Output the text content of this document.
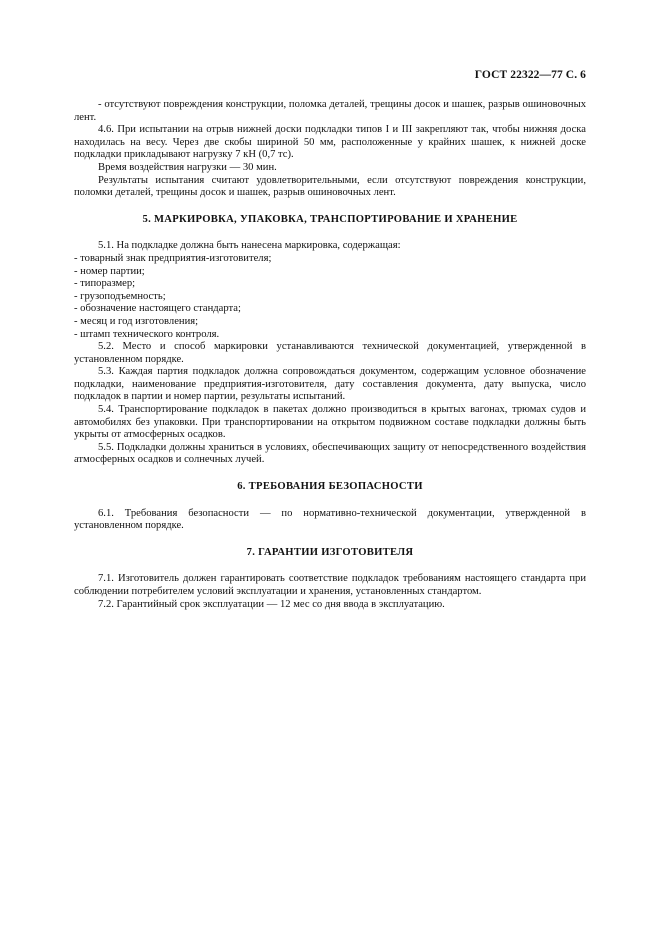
ГОСТ 22322—77 С. 6

- отсутствуют повреждения конструкции, поломка деталей, трещины досок и шашек, разрыв ошиновочных лент.

4.6. При испытании на отрыв нижней доски подкладки типов I и III закрепляют так, чтобы нижняя доска находилась на весу. Через две скобы шириной 50 мм, расположенные у крайних шашек, к нижней доске подкладки прикладывают нагрузку 7 кН (0,7 тс).

Время воздействия нагрузки — 30 мин.

Результаты испытания считают удовлетворительными, если отсутствуют повреждения конструкции, поломки деталей, трещины досок и шашек, разрыв ошиновочных лент.

5. МАРКИРОВКА, УПАКОВКА, ТРАНСПОРТИРОВАНИЕ И ХРАНЕНИЕ

5.1. На подкладке должна быть нанесена маркировка, содержащая:

- товарный знак предприятия-изготовителя;

- номер партии;

- типоразмер;

- грузоподъемность;

- обозначение настоящего стандарта;

- месяц и год изготовления;

- штамп технического контроля.

5.2. Место и способ маркировки устанавливаются технической документацией, утвержденной в установленном порядке.

5.3. Каждая партия подкладок должна сопровождаться документом, содержащим условное обозначение подкладки, наименование предприятия-изготовителя, дату составления документа, дату выпуска, число подкладок в партии и номер партии, результаты испытаний.

5.4. Транспортирование подкладок в пакетах должно производиться в крытых вагонах, трюмах судов и автомобилях без упаковки. При транспортировании на открытом подвижном составе подкладки должны быть укрыты от атмосферных осадков.

5.5. Подкладки должны храниться в условиях, обеспечивающих защиту от непосредственного воздействия атмосферных осадков и солнечных лучей.

6. ТРЕБОВАНИЯ БЕЗОПАСНОСТИ

6.1. Требования безопасности — по нормативно-технической документации, утвержденной в установленном порядке.

7. ГАРАНТИИ ИЗГОТОВИТЕЛЯ

7.1. Изготовитель должен гарантировать соответствие подкладок требованиям настоящего стандарта при соблюдении потребителем условий эксплуатации и хранения, установленных стандартом.

7.2. Гарантийный срок эксплуатации — 12 мес со дня ввода в эксплуатацию.
